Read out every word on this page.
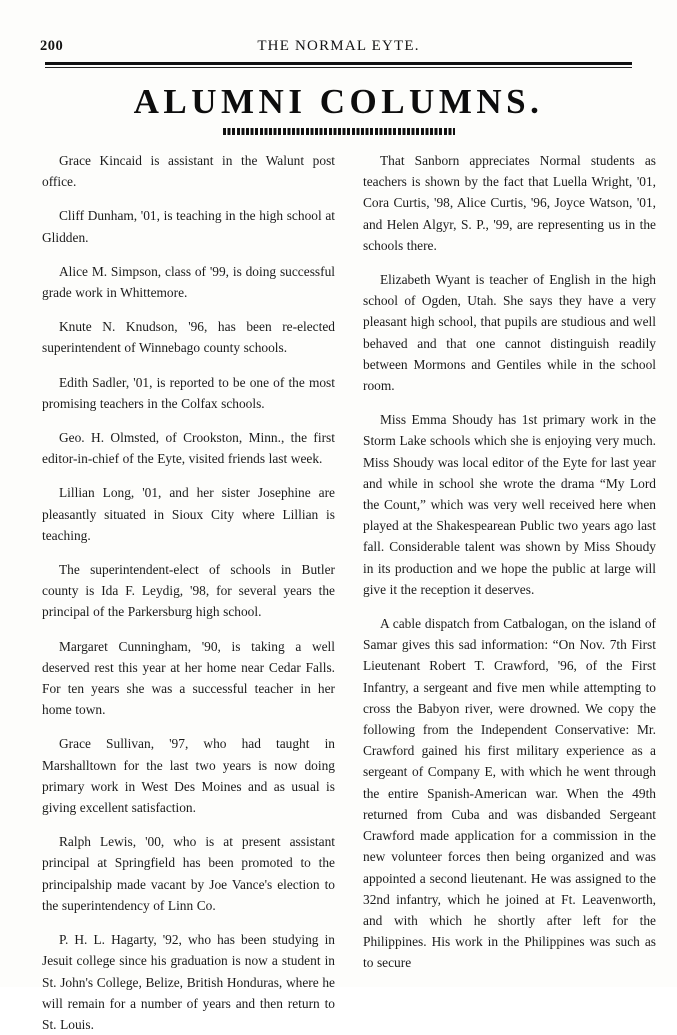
200	THE NORMAL EYTE.
ALUMNI COLUMNS.

Grace Kincaid is assistant in the Walunt post office.

Cliff Dunham, '01, is teaching in the high school at Glidden.

Alice M. Simpson, class of '99, is doing successful grade work in Whittemore.

Knute N. Knudson, '96, has been re-elected superintendent of Winnebago county schools.

Edith Sadler, '01, is reported to be one of the most promising teachers in the Colfax schools.

Geo. H. Olmsted, of Crookston, Minn., the first editor-in-chief of the Eyte, visited friends last week.

Lillian Long, '01, and her sister Josephine are pleasantly situated in Sioux City where Lillian is teaching.

The superintendent-elect of schools in Butler county is Ida F. Leydig, '98, for several years the principal of the Parkersburg high school.

Margaret Cunningham, '90, is taking a well deserved rest this year at her home near Cedar Falls. For ten years she was a successful teacher in her home town.

Grace Sullivan, '97, who had taught in Marshalltown for the last two years is now doing primary work in West Des Moines and as usual is giving excellent satisfaction.

Ralph Lewis, '00, who is at present assistant principal at Springfield has been promoted to the principalship made vacant by Joe Vance's election to the superintendency of Linn Co.

P. H. L. Hagarty, '92, who has been studying in Jesuit college since his graduation is now a student in St. John's College, Belize, British Honduras, where he will remain for a number of years and then return to St. Louis.

That Sanborn appreciates Normal students as teachers is shown by the fact that Luella Wright, '01, Cora Curtis, '98, Alice Curtis, '96, Joyce Watson, '01, and Helen Algyr, S. P., '99, are representing us in the schools there.

Elizabeth Wyant is teacher of English in the high school of Ogden, Utah. She says they have a very pleasant high school, that pupils are studious and well behaved and that one cannot distinguish readily between Mormons and Gentiles while in the school room.

Miss Emma Shoudy has 1st primary work in the Storm Lake schools which she is enjoying very much. Miss Shoudy was local editor of the Eyte for last year and while in school she wrote the drama “My Lord the Count,” which was very well received here when played at the Shakespearean Public two years ago last fall. Considerable talent was shown by Miss Shoudy in its production and we hope the public at large will give it the reception it deserves.

A cable dispatch from Catbalogan, on the island of Samar gives this sad information: “On Nov. 7th First Lieutenant Robert T. Crawford, '96, of the First Infantry, a sergeant and five men while attempting to cross the Babyon river, were drowned. We copy the following from the Independent Conservative: Mr. Crawford gained his first military experience as a sergeant of Company E, with which he went through the entire Spanish-American war. When the 49th returned from Cuba and was disbanded Sergeant Crawford made application for a commission in the new volunteer forces then being organized and was appointed a second lieutenant. He was assigned to the 32nd infantry, which he joined at Ft. Leavenworth, and with which he shortly after left for the Philippines. His work in the Philippines was such as to secure
